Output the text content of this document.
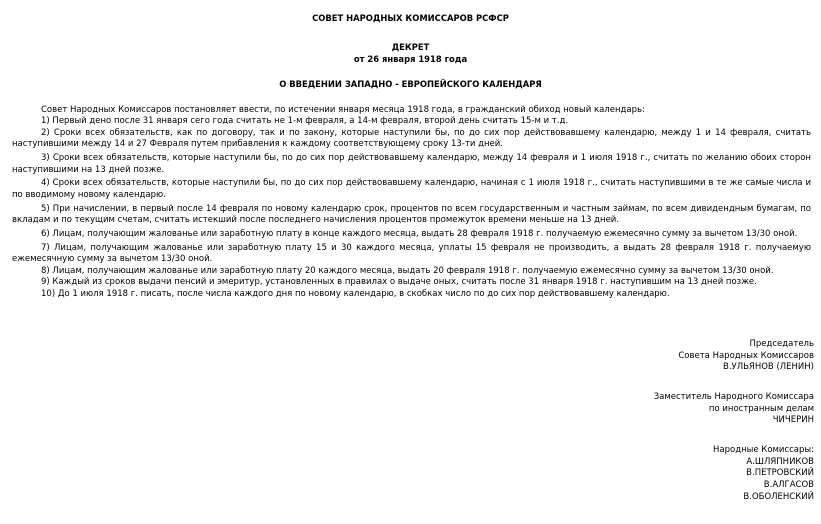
СОВЕТ НАРОДНЫХ КОМИССАРОВ РСФСР
ДЕКРЕТ
от 26 января 1918 года
О ВВЕДЕНИИ ЗАПАДНО - ЕВРОПЕЙСКОГО КАЛЕНДАРЯ

Совет Народных Комиссаров постановляет ввести, по истечении января месяца 1918 года, в гражданский обиход новый календарь:

1) Первый дено после 31 января сего года считать не 1-м февраля, а 14-м февраля, второй день считать 15-м и т.д.

2) Сроки всех обязательств, как по договору, так и по закону, которые наступили бы, по до сих пор действовавшему календарю, между 1 и 14 февраля, считать наступившими между 14 и 27 Февраля путем прибавления к каждому соответствующему сроку 13-ти дней.

3) Сроки всех обязательств, которые наступили бы, по до сих пор действовавшему календарю, между 14 февраля и 1 июля 1918 г., считать по желанию обоих сторон наступившими на 13 дней позже.

4) Сроки всех обязательств, которые наступили бы, по до сих пор действовавшему календарю, начиная с 1 июля 1918 г., считать наступившими в те же самые числа и по вводимому новому календарю.

5) При начислении, в первый после 14 февраля по новому календарю срок, процентов по всем государственным и частным займам, по всем дивидендным бумагам, по вкладам и по текущим счетам, считать истекший после последнего начисления процентов промежуток времени меньше на 13 дней.

6) Лицам, получающим жалованье или заработную плату в конце каждого месяца, выдать 28 февраля 1918 г. получаемую ежемесячно сумму за вычетом 13/30 оной.

7) Лицам, получающим жалованье или заработную плату 15 и 30 каждого месяца, уплаты 15 февраля не производить, а выдать 28 февраля 1918 г. получаемую ежемесячную сумму за вычетом 13/30 оной.

8) Лицам, получающим жалованье или заработную плату 20 каждого месяца, выдать 20 февраля 1918 г. получаемую ежемесячно сумму за вычетом 13/30 оной.

9) Каждый из сроков выдачи пенсий и эмеритур, установленных в правилах о выдаче оных, считать после 31 января 1918 г. наступившим на 13 дней позже.

10) До 1 июля 1918 г. писать, после числа каждого дня по новому календарю, в скобках число по до сих пор действовавшему календарю.

Председатель
Совета Народных Комиссаров
В.УЛЬЯНОВ (ЛЕНИН)
Заместитель Народного Комиссара
по иностранным делам
ЧИЧЕРИН
Народные Комиссары:
А.ШЛЯПНИКОВ
В.ПЕТРОВСКИЙ
В.АЛГАСОВ
В.ОБОЛЕНСКИЙ
